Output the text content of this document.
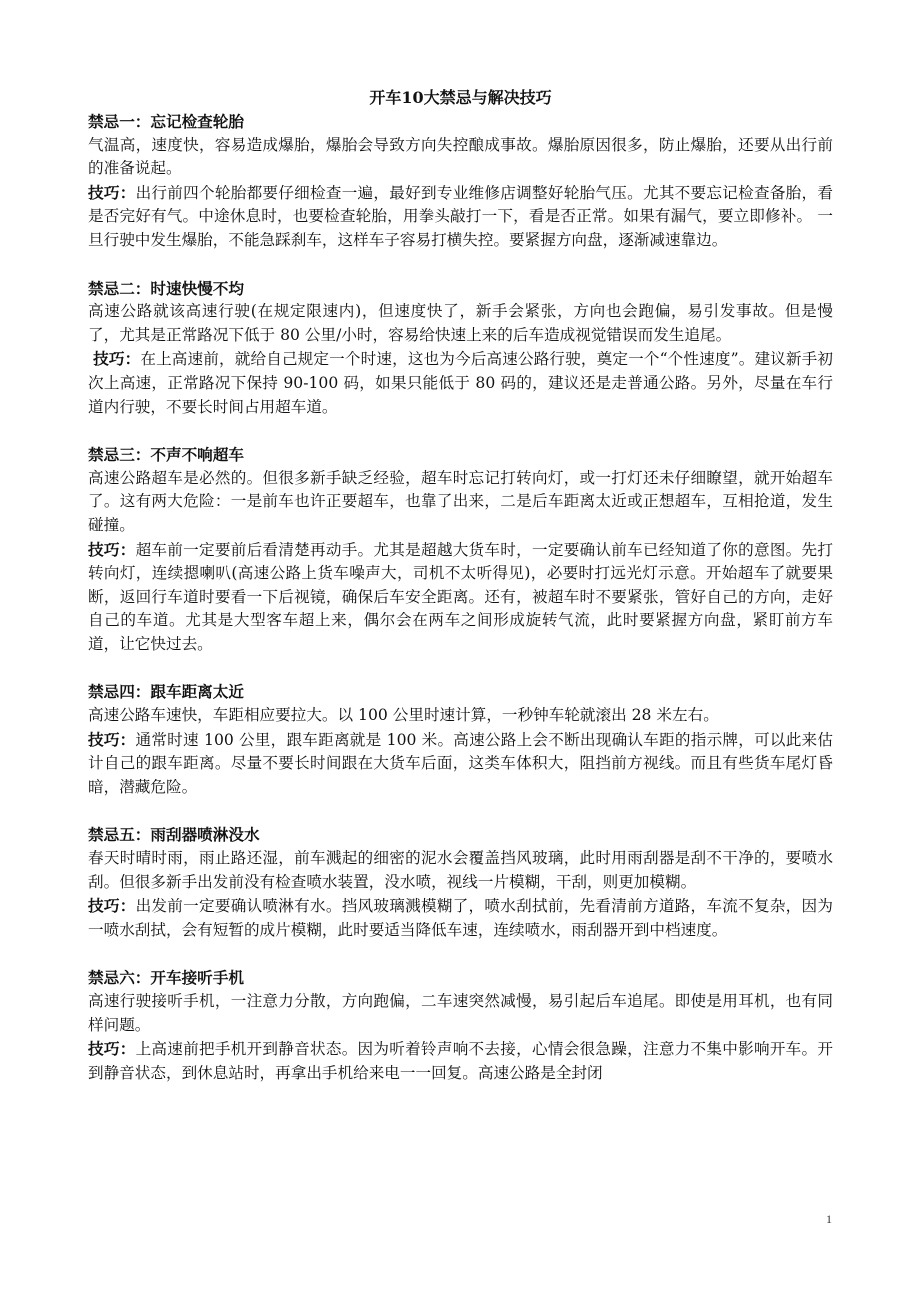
开车10大禁忌与解决技巧

禁忌一：忘记检查轮胎

气温高，速度快，容易造成爆胎，爆胎会导致方向失控酿成事故。爆胎原因很多，防止爆胎，还要从出行前的准备说起。

技巧：出行前四个轮胎都要仔细检查一遍，最好到专业维修店调整好轮胎气压。尤其不要忘记检查备胎，看是否完好有气。中途休息时，也要检查轮胎，用拳头敲打一下，看是否正常。如果有漏气，要立即修补。 一旦行驶中发生爆胎，不能急踩刹车，这样车子容易打横失控。要紧握方向盘，逐渐减速靠边。

禁忌二：时速快慢不均

高速公路就该高速行驶(在规定限速内)，但速度快了，新手会紧张，方向也会跑偏，易引发事故。但是慢了，尤其是正常路况下低于 80 公里/小时，容易给快速上来的后车造成视觉错误而发生追尾。

技巧：在上高速前，就给自己规定一个时速，这也为今后高速公路行驶，奠定一个“个性速度”。建议新手初次上高速，正常路况下保持 90-100 码，如果只能低于 80 码的，建议还是走普通公路。另外，尽量在车行道内行驶，不要长时间占用超车道。

禁忌三：不声不响超车

高速公路超车是必然的。但很多新手缺乏经验，超车时忘记打转向灯，或一打灯还未仔细瞭望，就开始超车了。这有两大危险：一是前车也许正要超车，也靠了出来，二是后车距离太近或正想超车，互相抢道，发生碰撞。

技巧：超车前一定要前后看清楚再动手。尤其是超越大货车时，一定要确认前车已经知道了你的意图。先打转向灯，连续摁喇叭(高速公路上货车噪声大，司机不太听得见)，必要时打远光灯示意。开始超车了就要果断，返回行车道时要看一下后视镜，确保后车安全距离。还有，被超车时不要紧张，管好自己的方向，走好自己的车道。尤其是大型客车超上来，偶尔会在两车之间形成旋转气流，此时要紧握方向盘，紧盯前方车道，让它快过去。

禁忌四：跟车距离太近

高速公路车速快，车距相应要拉大。以 100 公里时速计算，一秒钟车轮就滚出 28 米左右。

技巧：通常时速 100 公里，跟车距离就是 100 米。高速公路上会不断出现确认车距的指示牌，可以此来估计自己的跟车距离。尽量不要长时间跟在大货车后面，这类车体积大，阻挡前方视线。而且有些货车尾灯昏暗，潜藏危险。

禁忌五：雨刮器喷淋没水

春天时晴时雨，雨止路还湿，前车溅起的细密的泥水会覆盖挡风玻璃，此时用雨刮器是刮不干净的，要喷水刮。但很多新手出发前没有检查喷水装置，没水喷，视线一片模糊，干刮，则更加模糊。

技巧：出发前一定要确认喷淋有水。挡风玻璃溅模糊了，喷水刮拭前，先看清前方道路，车流不复杂，因为一喷水刮拭，会有短暂的成片模糊，此时要适当降低车速，连续喷水，雨刮器开到中档速度。

禁忌六：开车接听手机

高速行驶接听手机，一注意力分散，方向跑偏，二车速突然减慢，易引起后车追尾。即使是用耳机，也有同样问题。

技巧：上高速前把手机开到静音状态。因为听着铃声响不去接，心情会很急躁，注意力不集中影响开车。开到静音状态，到休息站时，再拿出手机给来电一一回复。高速公路是全封闭

1
